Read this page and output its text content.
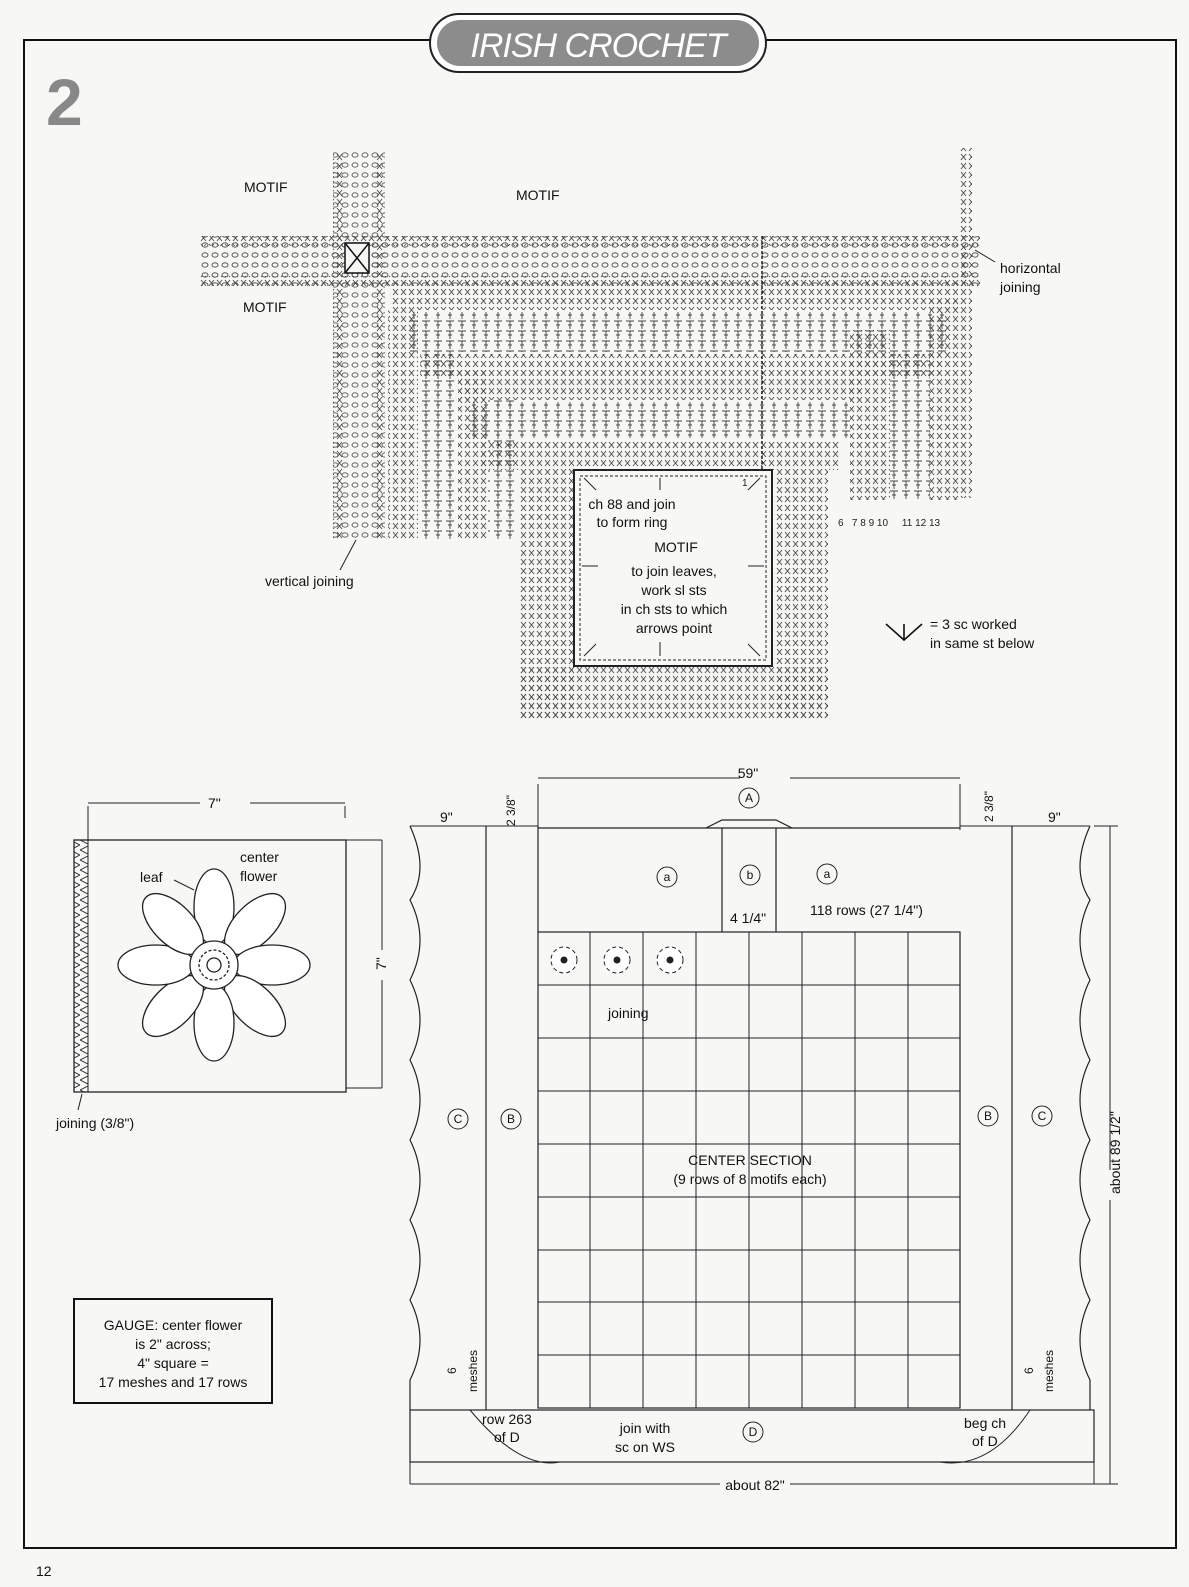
IRISH CROCHET
2
MOTIF	MOTIF
MOTIF
horizontal
joining
vertical joining
6   7 8 9 10     11 12 13
1
ch 88 and join
to form ring
MOTIF
to join leaves,
work sl sts
in ch sts to which
arrows point	= 3 sc worked
in same st below
7"
7"
leaf
center
flower
joining (3/8")
GAUGE: center flower
is 2" across;
4" square =
17 meshes and 17 rows
A
a	b	a
C	B	B	C
D
59"
9"	9"
2 3/8"	2 3/8"
4 1/4"	118 rows (27 1/4")
joining
CENTER SECTION
(9 rows of 8 motifs each)	about 89 1/2"
about 82"
6 meshes	6 meshes
row 263
of D
join with
sc on WS
beg ch
of D
12
